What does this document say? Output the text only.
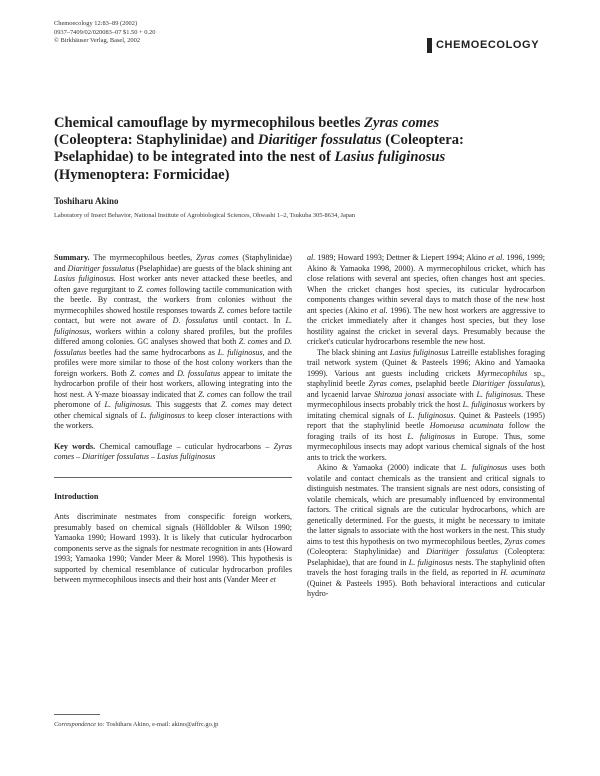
Chemoecology 12:83–89 (2002)
0937–7409/02/020083–07 $1.50 + 0.20
© Birkhäuser Verlag, Basel, 2002	CHEMOECOLOGY
Chemical camouflage by myrmecophilous beetles Zyras comes (Coleoptera: Staphylinidae) and Diaritiger fossulatus (Coleoptera: Pselaphidae) to be integrated into the nest of Lasius fuliginosus (Hymenoptera: Formicidae)
Toshiharu Akino
Laboratory of Insect Behavior, National Institute of Agrobiological Sciences, Ohwashi 1–2, Tsukuba 305-8634, Japan

Summary. The myrmecophilous beetles, Zyras comes (Staphylinidae) and Diaritiger fossulatus (Pselaphidae) are guests of the black shining ant Lasius fuliginosus. Host worker ants never attacked these beetles, and often gave regurgitant to Z. comes following tactile communication with the beetle. By contrast, the workers from colonies without the myrmecophiles showed hostile responses towards Z. comes before tactile contact, but were not aware of D. fossulatus until contact. In L. fuliginosus, workers within a colony shared profiles, but the profiles differed among colonies. GC analyses showed that both Z. comes and D. fossulatus beetles had the same hydrocarbons as L. fuliginosus, and the profiles were more similar to those of the host colony workers than the foreign workers. Both Z. comes and D. fossulatus appear to imitate the hydrocarbon profile of their host workers, allowing integrating into the host nest. A Y-maze bioassay indicated that Z. comes can follow the trail pheromone of L. fuliginosus. This suggests that Z. comes may detect other chemical signals of L. fuliginosus to keep closer interactions with the workers.

Key words. Chemical camouflage – cuticular hydrocarbons – Zyras comes – Diaritiger fossulatus – Lasius fuliginosus

Introduction

Ants discriminate nestmates from conspecific foreign workers, presumably based on chemical signals (Hölldobler & Wilson 1990; Yamaoka 1990; Howard 1993). It is likely that cuticular hydrocarbon components serve as the signals for nestmate recognition in ants (Howard 1993; Yamaoka 1990; Vander Meer & Morel 1998). This hypothesis is supported by chemical resemblance of cuticular hydrocarbon profiles between myrmecophilous insects and their host ants (Vander Meer et

al. 1989; Howard 1993; Dettner & Liepert 1994; Akino et al. 1996, 1999; Akino & Yamaoka 1998, 2000). A myrmecophilous cricket, which has close relations with several ant species, often changes host ant species. When the cricket changes host species, its cuticular hydrocarbon components changes within several days to match those of the new host ant species (Akino et al. 1996). The new host workers are aggressive to the cricket immediately after it changes host species, but they lose hostility against the cricket in several days. Presumably because the cricket's cuticular hydrocarbons resemble the new host.

The black shining ant Lasius fuliginosus Latreille establishes foraging trail network system (Quinet & Pasteels 1996; Akino and Yamaoka 1999). Various ant guests including crickets Myrmecophilus sp., staphylinid beetle Zyras comes, pselaphid beetle Diaritiger fossulatus), and lycaenid larvae Shirozua jonasi associate with L. fuliginosus. These myrmecophilous insects probably trick the host L. fuliginosus workers by imitating chemical signals of L. fuliginosus. Quinet & Pasteels (1995) report that the staphylinid beetle Homoeusa acuminata follow the foraging trails of its host L. fuliginosus in Europe. Thus, some myrmecophilous insects may adopt various chemical signals of the host ants to trick the workers.

Akino & Yamaoka (2000) indicate that L. fuliginosus uses both volatile and contact chemicals as the transient and critical signals to distinguish nestmates. The transient signals are nest odors, consisting of volatile chemicals, which are presumably influenced by environmental factors. The critical signals are the cuticular hydrocarbons, which are genetically determined. For the guests, it might be necessary to imitate the latter signals to associate with the host workers in the nest. This study aims to test this hypothesis on two myrmecophilous beetles, Zyras comes (Coleoptera: Staphylinidae) and Diaritiger fossulatus (Coleoptera: Pselaphidae), that are found in L. fuliginosus nests. The staphylinid often travels the host foraging trails in the field, as reported in H. acuminata (Quinet & Pasteels 1995). Both behavioral interactions and cuticular hydro-

Correspondence to: Toshiharu Akino, e-mail: akino@affrc.go.jp
